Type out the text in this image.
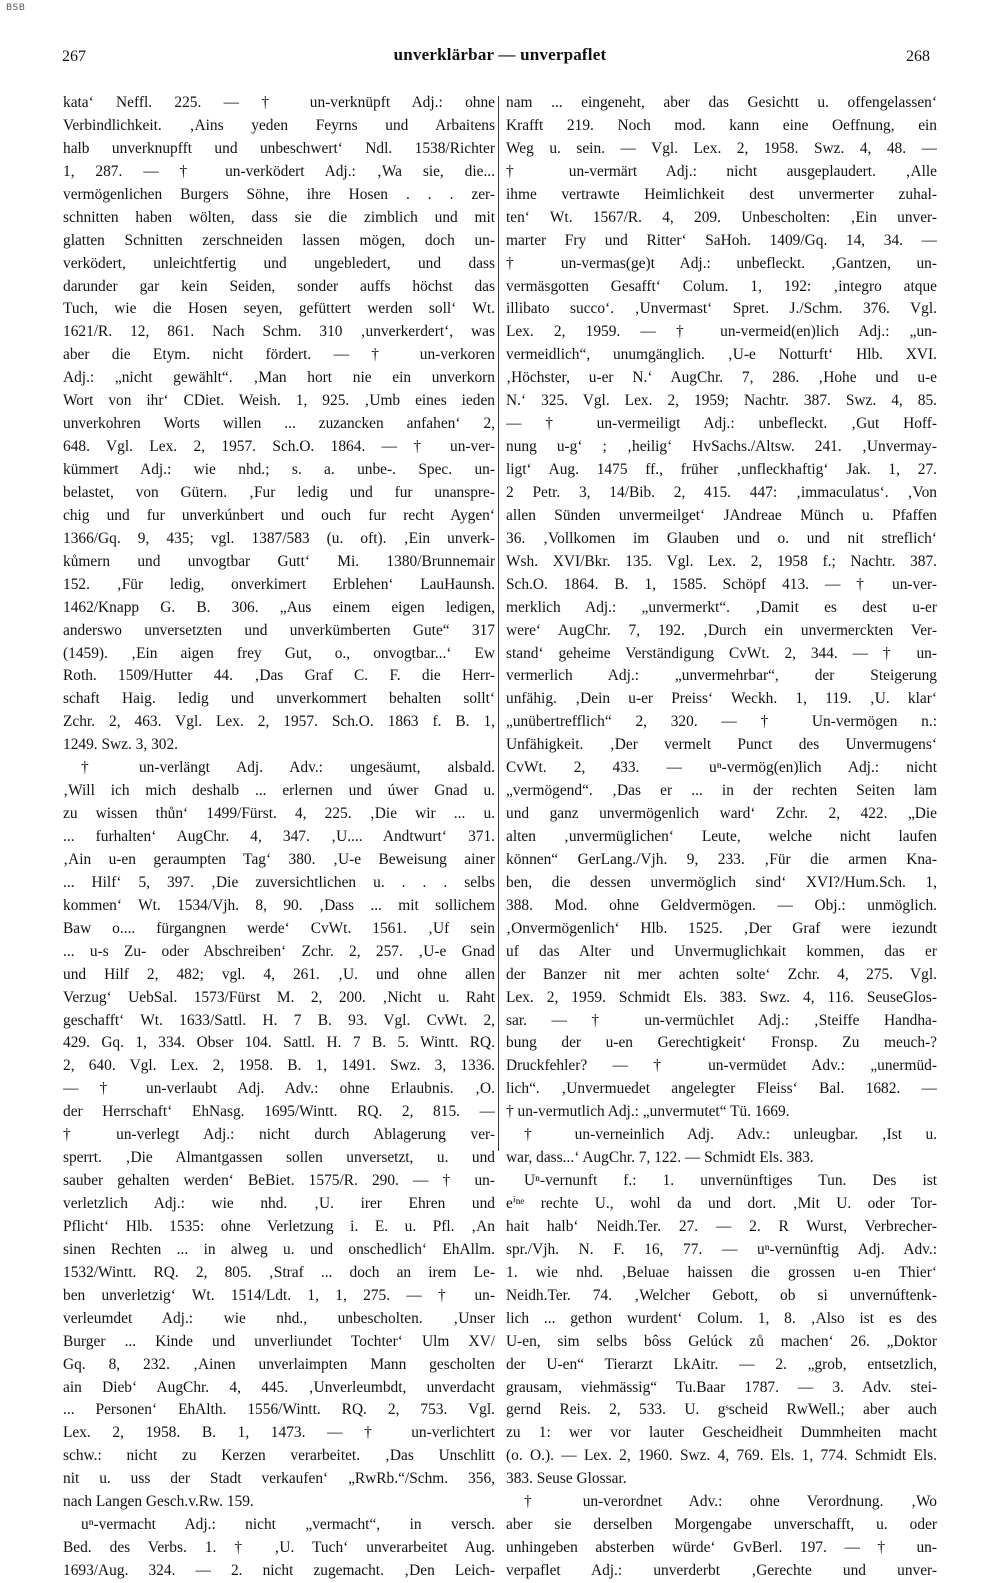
BSB
267	unverklärbar — unverpaflet	268
kata‘ Neffl. 225. — † un-verknüpft Adj.: ohne
Verbindlichkeit. ‚Ains yeden Feyrns und Arbaitens
halb unverknupfft und unbeschwert‘ Ndl. 1538/Richter
1, 287. — † un-verködert Adj.: ‚Wa sie, die...
vermögenlichen Burgers Söhne, ihre Hosen . . . zer-
schnitten haben wölten, dass sie die zimblich und mit
glatten Schnitten zerschneiden lassen mögen, doch un-
verködert, unleichtfertig und ungebledert, und dass
darunder gar kein Seiden, sonder auffs höchst das
Tuch, wie die Hosen seyen, gefüttert werden soll‘ Wt.
1621/R. 12, 861. Nach Schm. 310 ‚unverkerdert‘, was
aber die Etym. nicht fördert. — † un-verkoren
Adj.: „nicht gewählt“. ‚Man hort nie ein unverkorn
Wort von ihr‘ CDiet. Weish. 1, 925. ‚Umb eines ieden
unverkohren Worts willen ... zuzancken anfahen‘ 2,
648. Vgl. Lex. 2, 1957. Sch.O. 1864. — † un-ver-
kümmert Adj.: wie nhd.; s. a. unbe-. Spec. un-
belastet, von Gütern. ‚Fur ledig und fur unanspre-
chig und fur unverkúnbert und ouch fur recht Aygen‘
1366/Gq. 9, 435; vgl. 1387/583 (u. oft). ‚Ein unverk-
kůmern und unvogtbar Gutt‘ Mi. 1380/Brunnemair
152. ‚Für ledig, onverkimert Erblehen‘ LauHaunsh.
1462/Knapp G. B. 306. „Aus einem eigen ledigen,
anderswo unversetzten und unverkümberten Gute“ 317
(1459). ‚Ein aigen frey Gut, o., onvogtbar...‘ Ew
Roth. 1509/Hutter 44. ‚Das Graf C. F. die Herr-
schaft Haig. ledig und unverkommert behalten sollt‘
Zchr. 2, 463. Vgl. Lex. 2, 1957. Sch.O. 1863 f. B. 1,
1249. Swz. 3, 302.
† un-verlängt Adj. Adv.: ungesäumt, alsbald.
‚Will ich mich deshalb ... erlernen und úwer Gnad u.
zu wissen thůn‘ 1499/Fürst. 4, 225. ‚Die wir ... u.
... furhalten‘ AugChr. 4, 347. ‚U.... Andtwurt‘ 371.
‚Ain u-en geraumpten Tag‘ 380. ‚U-e Beweisung ainer
... Hilf‘ 5, 397. ‚Die zuversichtlichen u. . . . selbs
kommen‘ Wt. 1534/Vjh. 8, 90. ‚Dass ... mit sollichem
Baw o.... fürgangnen werde‘ CvWt. 1561. ‚Uf sein
... u-s Zu- oder Abschreiben‘ Zchr. 2, 257. ‚U-e Gnad
und Hilf 2, 482; vgl. 4, 261. ‚U. und ohne allen
Verzug‘ UebSal. 1573/Fürst M. 2, 200. ‚Nicht u. Raht
geschafft‘ Wt. 1633/Sattl. H. 7 B. 93. Vgl. CvWt. 2,
429. Gq. 1, 334. Obser 104. Sattl. H. 7 B. 5. Wintt. RQ.
2, 640. Vgl. Lex. 2, 1958. B. 1, 1491. Swz. 3, 1336.
— † un-verlaubt Adj. Adv.: ohne Erlaubnis. ‚O.
der Herrschaft‘ EhNasg. 1695/Wintt. RQ. 2, 815. —
† un-verlegt Adj.: nicht durch Ablagerung ver-
sperrt. ‚Die Almantgassen sollen unversetzt, u. und
sauber gehalten werden‘ BeBiet. 1575/R. 290. — † un-
verletzlich Adj.: wie nhd. ‚U. irer Ehren und
Pflicht‘ Hlb. 1535: ohne Verletzung i. E. u. Pfl. ‚An
sinen Rechten ... in alweg u. und onschedlich‘ EhAllm.
1532/Wintt. RQ. 2, 805. ‚Straf ... doch an irem Le-
ben unverletzig‘ Wt. 1514/Ldt. 1, 1, 275. — † un-
verleumdet Adj.: wie nhd., unbescholten. ‚Unser
Burger ... Kinde und unverliundet Tochter‘ Ulm XV/
Gq. 8, 232. ‚Ainen unverlaimpten Mann gescholten
ain Dieb‘ AugChr. 4, 445. ‚Unverleumbdt, unverdacht
... Personen‘ EhAlth. 1556/Wintt. RQ. 2, 753. Vgl.
Lex. 2, 1958. B. 1, 1473. — † un-verlichtert
schw.: nicht zu Kerzen verarbeitet. ‚Das Unschlitt
nit u. uss der Stadt verkaufen‘ „RwRb.“/Schm. 356,
nach Langen Gesch.v.Rw. 159.
uⁿ-vermacht Adj.: nicht „vermacht“, in versch.
Bed. des Verbs. 1. † ‚U. Tuch‘ unverarbeitet Aug.
1693/Aug. 324. — 2. nicht zugemacht. ‚Den Leich-
nam ... eingeneht, aber das Gesichtt u. offengelassen‘
Krafft 219. Noch mod. kann eine Oeffnung, ein
Weg u. sein. — Vgl. Lex. 2, 1958. Swz. 4, 48. —
† un-vermärt Adj.: nicht ausgeplaudert. ‚Alle
ihme vertrawte Heimlichkeit dest unvermerter zuhal-
ten‘ Wt. 1567/R. 4, 209. Unbescholten: ‚Ein unver-
marter Fry und Ritter‘ SaHoh. 1409/Gq. 14, 34. —
† un-vermas(ge)t Adj.: unbefleckt. ‚Gantzen, un-
vermäsgotten Gesafft‘ Colum. 1, 192: ‚integro atque
illibato succo‘. ‚Unvermast‘ Spret. J./Schm. 376. Vgl.
Lex. 2, 1959. — † un-vermeid(en)lich Adj.: „un-
vermeidlich“, unumgänglich. ‚U-e Notturft‘ Hlb. XVI.
‚Höchster, u-er N.‘ AugChr. 7, 286. ‚Hohe und u-e
N.‘ 325. Vgl. Lex. 2, 1959; Nachtr. 387. Swz. 4, 85.
— † un-vermeiligt Adj.: unbefleckt. ‚Gut Hoff-
nung u-g‘ ; ‚heilig‘ HvSachs./Altsw. 241. ‚Unvermay-
ligt‘ Aug. 1475 ff., früher ‚unfleckhaftig‘ Jak. 1, 27.
2 Petr. 3, 14/Bib. 2, 415. 447: ‚immaculatus‘. ‚Von
allen Sünden unvermeilget‘ JAndreae Münch u. Pfaffen
36. ‚Vollkomen im Glauben und o. und nit streflich‘
Wsh. XVI/Bkr. 135. Vgl. Lex. 2, 1958 f.; Nachtr. 387.
Sch.O. 1864. B. 1, 1585. Schöpf 413. — † un-ver-
merklich Adj.: „unvermerkt“. ‚Damit es dest u-er
were‘ AugChr. 7, 192. ‚Durch ein unvermerckten Ver-
stand‘ geheime Verständigung CvWt. 2, 344. — † un-
vermerlich Adj.: „unvermehrbar“, der Steigerung
unfähig. ‚Dein u-er Preiss‘ Weckh. 1, 119. ‚U. klar‘
„unübertrefflich“ 2, 320. — † Un-vermögen n.:
Unfähigkeit. ‚Der vermelt Punct des Unvermugens‘
CvWt. 2, 433. — uⁿ-vermög(en)lich Adj.: nicht
„vermögend“. ‚Das er ... in der rechten Seiten lam
und ganz unvermögenlich ward‘ Zchr. 2, 422. „Die
alten ‚unvermüglichen‘ Leute, welche nicht laufen
können“ GerLang./Vjh. 9, 233. ‚Für die armen Kna-
ben, die dessen unvermöglich sind‘ XVI?/Hum.Sch. 1,
388. Mod. ohne Geldvermögen. — Obj.: unmöglich.
‚Onvermögenlich‘ Hlb. 1525. ‚Der Graf were iezundt
uf das Alter und Unvermuglichkait kommen, das er
der Banzer nit mer achten solte‘ Zchr. 4, 275. Vgl.
Lex. 2, 1959. Schmidt Els. 383. Swz. 4, 116. SeuseGlos-
sar. — † un-vermüchlet Adj.: ‚Steiffe Handha-
bung der u-en Gerechtigkeit‘ Fronsp. Zu meuch-?
Druckfehler? — † un-vermüdet Adv.: „unermüd-
lich“. ‚Unvermuedet angelegter Fleiss‘ Bal. 1682. —
† un-vermutlich Adj.: „unvermutet“ Tü. 1669.
† un-verneinlich Adj. Adv.: unleugbar. ‚Ist u.
war, dass...‘ AugChr. 7, 122. — Schmidt Els. 383.
Uⁿ-vernunft f.: 1. unvernünftiges Tun. Des ist
eⁱⁿᵉ rechte U., wohl da und dort. ‚Mit U. oder Tor-
hait halb‘ Neidh.Ter. 27. — 2. R Wurst, Verbrecher-
spr./Vjh. N. F. 16, 77. — uⁿ-vernünftig Adj. Adv.:
1. wie nhd. ‚Beluae haissen die grossen u-en Thier‘
Neidh.Ter. 74. ‚Welcher Gebott, ob si unvernúftenk-
lich ... gethon wurdent‘ Colum. 1, 8. ‚Also ist es des
U-en, sim selbs bôss Gelúck zů machen‘ 26. „Doktor
der U-en“ Tierarzt LkAitr. — 2. „grob, entsetzlich,
grausam, viehmässig“ Tu.Baar 1787. — 3. Adv. stei-
gernd Reis. 2, 533. U. gˢscheid RwWell.; aber auch
zu 1: wer vor lauter Gescheidheit Dummheiten macht
(o. O.). — Lex. 2, 1960. Swz. 4, 769. Els. 1, 774. Schmidt Els.
383. Seuse Glossar.
† un-verordnet Adv.: ohne Verordnung. ‚Wo
aber sie derselben Morgengabe unverschafft, u. oder
unhingeben absterben würde‘ GvBerl. 197. — † un-
verpaflet Adj.: unverderbt ‚Gerechte und unver-
